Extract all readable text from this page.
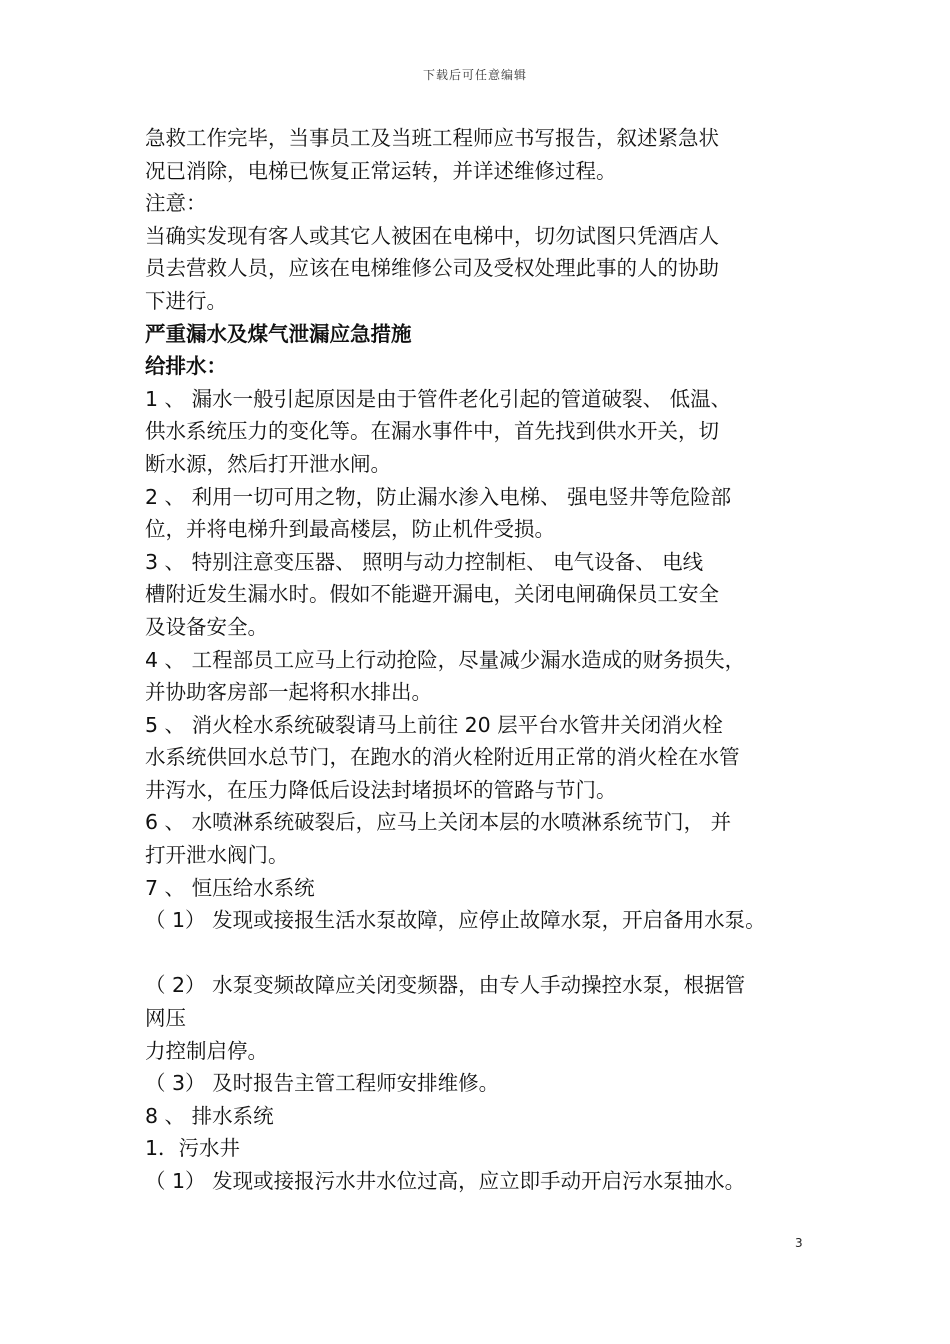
下载后可任意编辑
急救工作完毕，当事员工及当班工程师应书写报告，叙述紧急状
况已消除，电梯已恢复正常运转，并详述维修过程。
注意：
当确实发现有客人或其它人被困在电梯中，切勿试图只凭酒店人
员去营救人员，应该在电梯维修公司及受权处理此事的人的协助
下进行。
严重漏水及煤气泄漏应急措施
给排水：
1 、 漏水一般引起原因是由于管件老化引起的管道破裂、 低温、
供水系统压力的变化等。在漏水事件中，首先找到供水开关，切
断水源，然后打开泄水闸。
2 、 利用一切可用之物，防止漏水渗入电梯、 强电竖井等危险部
位，并将电梯升到最高楼层，防止机件受损。
3 、 特别注意变压器、 照明与动力控制柜、 电气设备、 电线
槽附近发生漏水时。假如不能避开漏电，关闭电闸确保员工安全
及设备安全。
4 、 工程部员工应马上行动抢险，尽量减少漏水造成的财务损失，
并协助客房部一起将积水排出。
5 、 消火栓水系统破裂请马上前往 20 层平台水管井关闭消火栓
水系统供回水总节门，在跑水的消火栓附近用正常的消火栓在水管
井泻水，在压力降低后设法封堵损坏的管路与节门。
6 、 水喷淋系统破裂后，应马上关闭本层的水喷淋系统节门， 并
打开泄水阀门。
7 、 恒压给水系统
（ 1） 发现或接报生活水泵故障，应停止故障水泵，开启备用水泵。
（ 2） 水泵变频故障应关闭变频器，由专人手动操控水泵，根据管
网压
力控制启停。
（ 3） 及时报告主管工程师安排维修。
8 、 排水系统
1．污水井
（ 1） 发现或接报污水井水位过高，应立即手动开启污水泵抽水。
3
